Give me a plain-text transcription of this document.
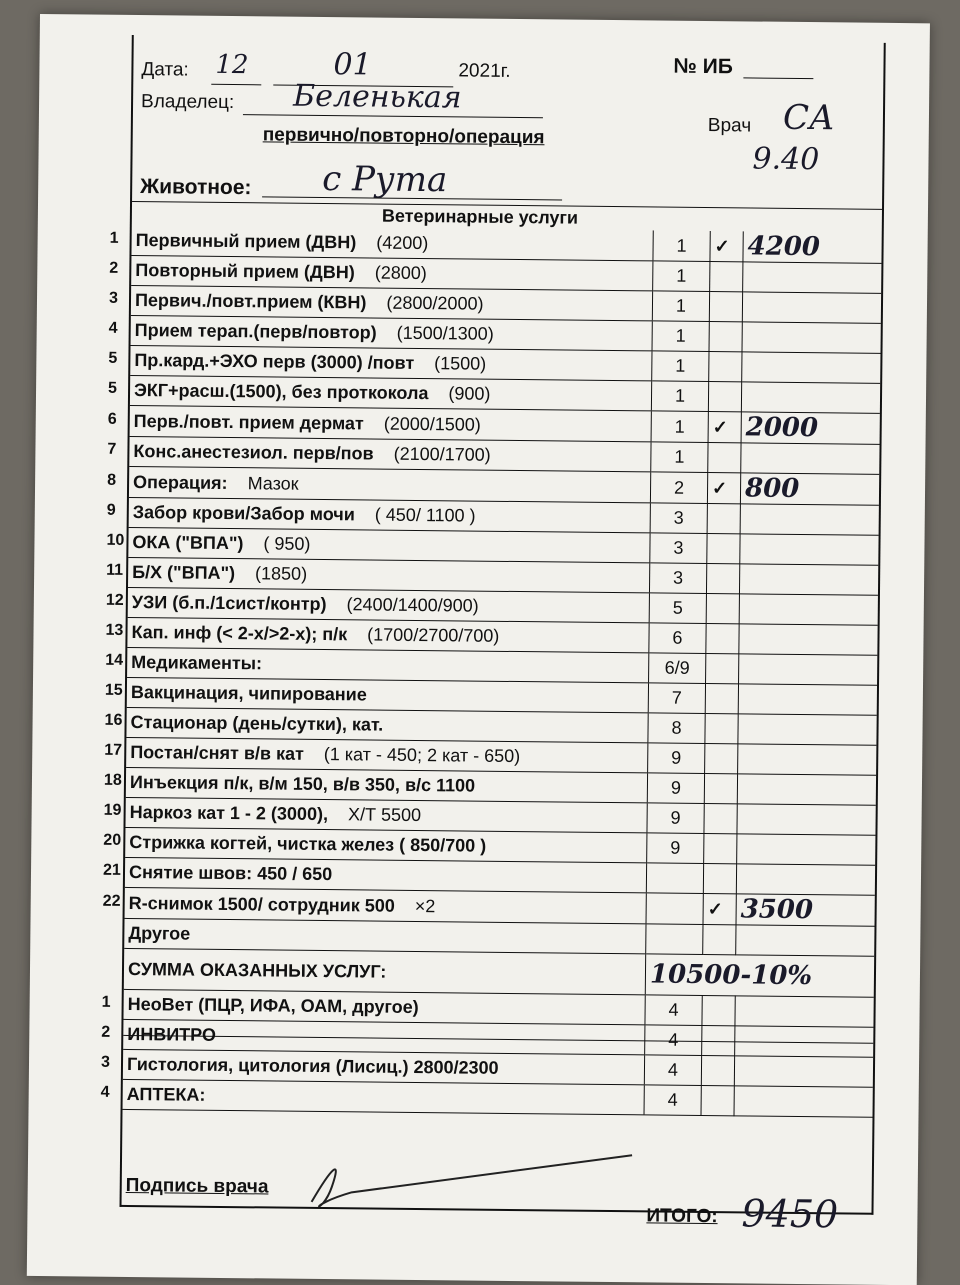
Дата: 12	01	2021г.	№ ИБ
Владелец: Беленькая
первично/повторно/операция	Врач СА
9.40
Животное: с Рута
Ветеринарные услуги
1 Первичный прием (ДВН) (4200)	1	✓	4200

2 Повторный прием (ДВН) (2800)	1		

3 Первич./повт.прием (КВН) (2800/2000)	1		

4 Прием терап.(перв/повтор) (1500/1300)	1		

5 Пр.кард.+ЭХО перв (3000) /повт (1500)	1		

5 ЭКГ+расш.(1500), без проткокола (900)	1		

6 Перв./повт. прием дермат (2000/1500)	1	✓	2000

7 Конс.анестезиол. перв/пов (2100/1700)	1		

8 Операция: Мазок	2	✓	800

9 Забор крови/Забор мочи ( 450/ 1100 )	3		

10 ОКА ("ВПА") ( 950)	3		

11 Б/Х ("ВПА") (1850)	3		

12 УЗИ (б.п./1сист/контр) (2400/1400/900)	5		

13 Кап. инф (< 2-х/>2-х); п/к (1700/2700/700)	6		

14 Медикаменты:	6/9		

15 Вакцинация, чипирование	7		

16 Стационар (день/сутки), кат.	8		

17 Постан/снят в/в кат (1 кат - 450; 2 кат - 650)	9		

18 Инъекция п/к, в/м 150, в/в 350, в/с 1100	9		

19 Наркоз кат 1 - 2 (3000), Х/Т 5500	9		

20 Стрижка когтей, чистка желез ( 850/700 )	9		

21 Снятие швов: 450 / 650			

22 R-снимок 1500/ сотрудник 500 ×2		✓	3500

Другое			
СУММА ОКАЗАННЫХ УСЛУГ:	10500-10%		

1 НеоВет (ПЦР, ИФА, ОАМ, другое)	4		

2 ИНВИТРО	4		

3 Гистология, цитология (Лисиц.) 2800/2300	4		

4 АПТЕКА:	4		
Подпись врача
ИТОГО: 9450
